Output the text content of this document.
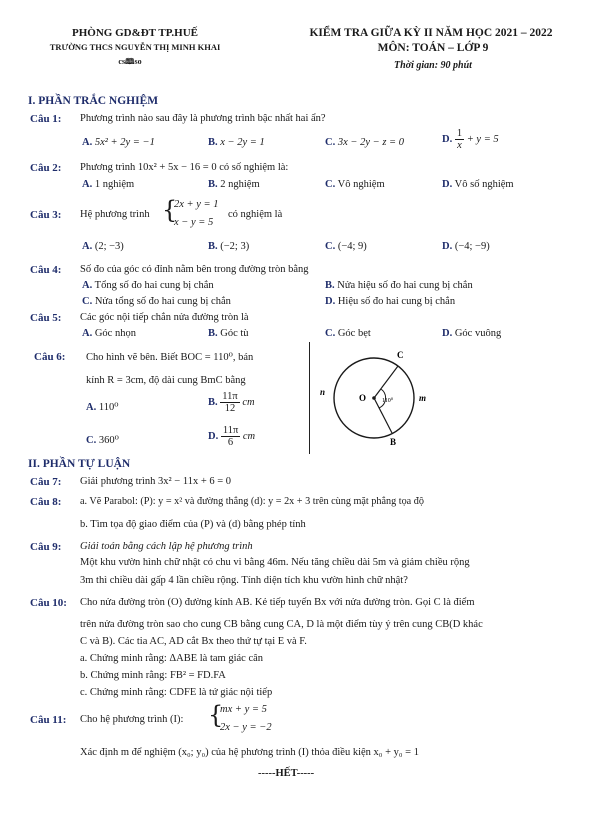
PHÒNG GD&ĐT TP.HUẾ
TRƯỜNG THCS NGUYỄN THỊ MINH KHAI
cs🕮so
KIỂM TRA GIỮA KỲ II NĂM HỌC 2021 – 2022
MÔN: TOÁN – LỚP 9
Thời gian: 90 phút
I. PHẦN TRẮC NGHIỆM
Câu 1: Phương trình nào sau đây là phương trình bậc nhất hai ẩn?
A. 5x² + 2y = −1	B. x − 2y = 1	C. 3x − 2y − z = 0	D. $\frac{1}{x} + y = 5$
Câu 2: Phương trình 10x² + 5x − 16 = 0 có số nghiệm là:
A. 1 nghiệm	B. 2 nghiệm	C. Vô nghiệm	D. Vô số nghiệm
Câu 3: Hệ phương trình {
2x + y = 1
x − y = 5
có nghiệm là
A. (2; −3)	B. (−2; 3)	C. (−4; 9)	D. (−4; −9)
Câu 4: Số đo của góc có đỉnh nằm bên trong đường tròn bằng
A. Tổng số đo hai cung bị chắn	B. Nửa hiệu số đo hai cung bị chắn
C. Nửa tổng số đo hai cung bị chắn	D. Hiệu số đo hai cung bị chắn
Câu 5: Các góc nội tiếp chắn nửa đường tròn là
A. Góc nhọn	B. Góc tù	C. Góc bẹt	D. Góc vuông
Câu 6: Cho hình vẽ bên. Biết BOC = 110⁰, bán
kính R = 3cm, độ dài cung BmC bằng
A. 110⁰	B. $\frac{11\pi}{12}$ cm
C. 360⁰	D. $\frac{11\pi}{6}$ cm
C
B
O
n
m
110⁰
II. PHẦN TỰ LUẬN
Câu 7: Giải phương trình 3x² − 11x + 6 = 0
Câu 8: a. Vẽ Parabol: (P): y = x² và đường thẳng (d): y = 2x + 3 trên cùng mặt phẳng tọa độ
b. Tìm tọa độ giao điểm của (P) và (d) bằng phép tính
Câu 9: Giải toán bằng cách lập hệ phương trình
Một khu vườn hình chữ nhật có chu vi bằng 46m. Nếu tăng chiều dài 5m và giảm chiều rộng
3m thì chiều dài gấp 4 lần chiều rộng. Tính diện tích khu vườn hình chữ nhật?
Câu 10: Cho nửa đường tròn (O) đường kính AB. Kẻ tiếp tuyến Bx với nửa đường tròn. Gọi C là điểm
trên nửa đường tròn sao cho cung CB bằng cung CA, D là một điểm tùy ý trên cung CB(D khác
C và B). Các tia AC, AD cắt Bx theo thứ tự tại E và F.
a. Chứng minh rằng: ΔABE là tam giác cân
b. Chứng minh rằng: FB² = FD.FA
c. Chứng minh rằng: CDFE là tứ giác nội tiếp
Câu 11: Cho hệ phương trình (I): {
mx + y = 5
2x − y = −2
Xác định m để nghiệm (x₀; y₀) của hệ phương trình (I) thỏa điều kiện x₀ + y₀ = 1
-----HẾT-----
